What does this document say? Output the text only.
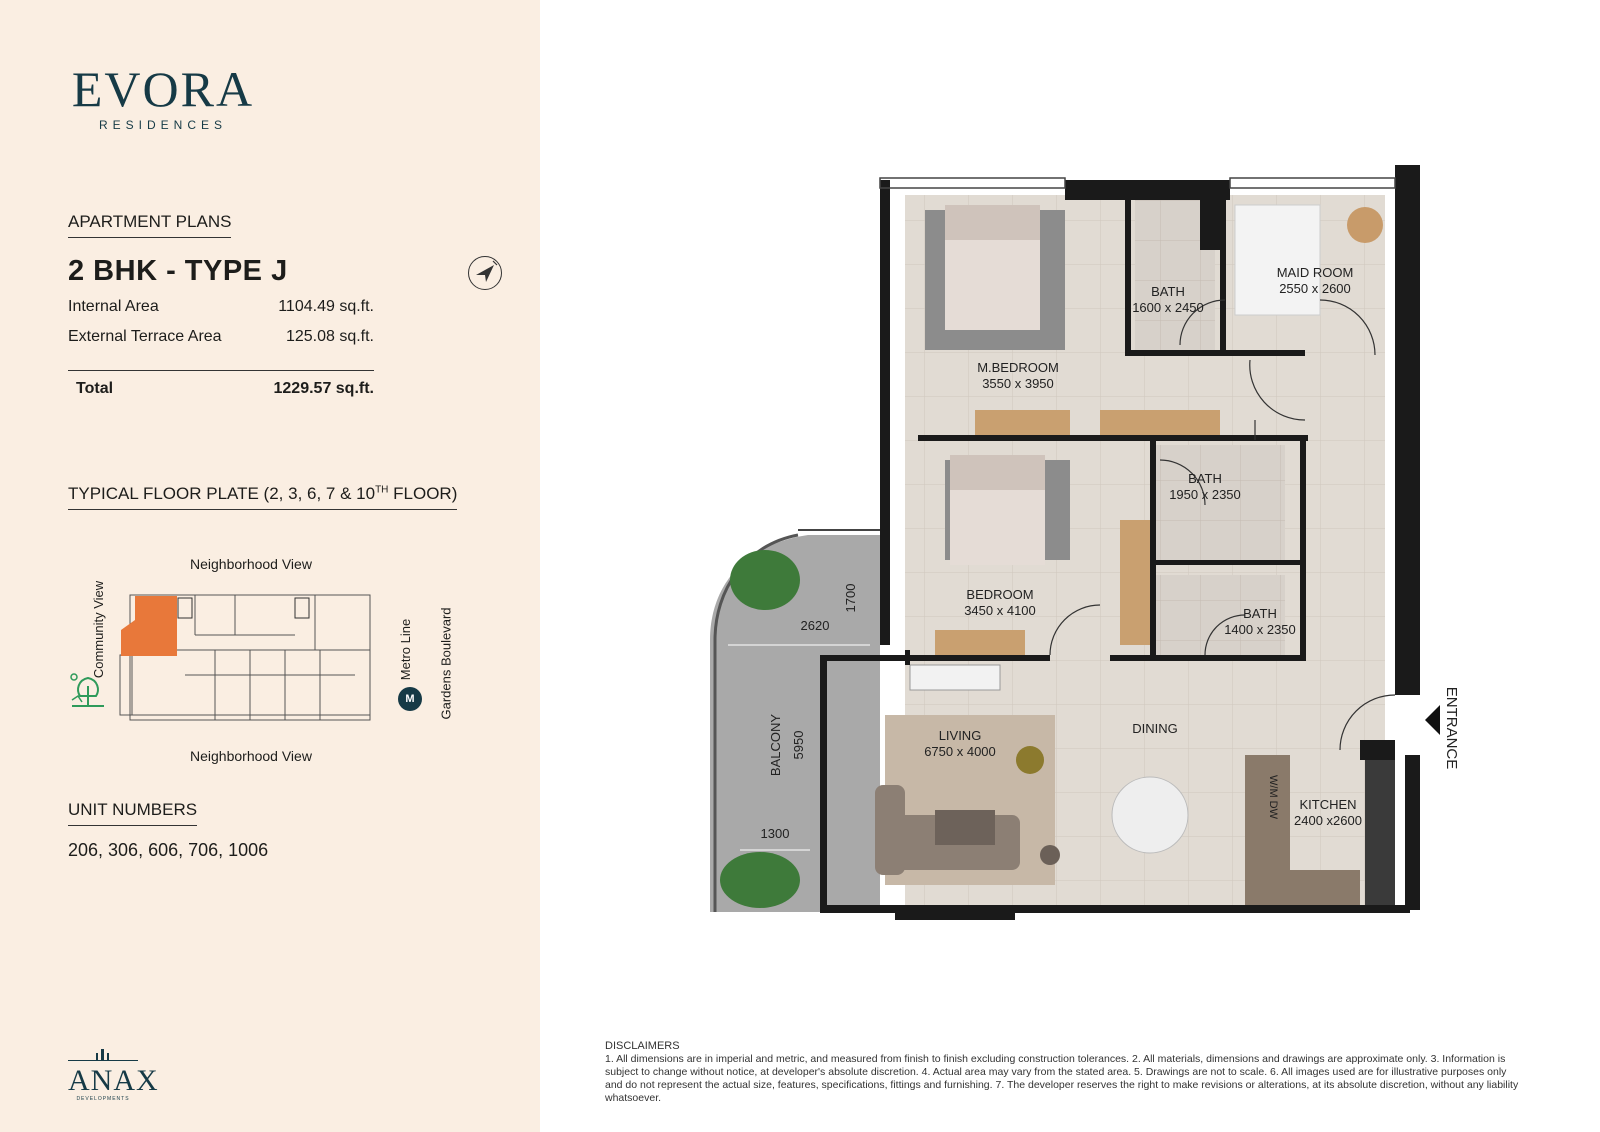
EVORA
RESIDENCES
APARTMENT PLANS
2 BHK - TYPE J
Internal Area	1104.49 sq.ft.
External Terrace Area	125.08 sq.ft.
Total	1229.57 sq.ft.
TYPICAL FLOOR PLATE (2, 3, 6, 7 & 10TH FLOOR)
Neighborhood View
Neighborhood View
Community View	Metro Line Gardens Boulevard
M
UNIT NUMBERS
206, 306, 606, 706, 1006
ANAX
DEVELOPMENTS
M.BEDROOM
3550 x 3950
BATH
1600 x 2450
MAID ROOM
2550 x 2600
BATH
1950 x 2350
BEDROOM
3450 x 4100	BATH
1400 x 2350
LIVING
6750 x 4000
DINING
KITCHEN
2400 x2600
BALCONY 5950
2620
1700
1300
W/M DW
ENTRANCE
DISCLAIMERS
1. All dimensions are in imperial and metric, and measured from finish to finish excluding construction tolerances. 2. All materials, dimensions and drawings are approximate only. 3. Information is subject to change without notice, at developer's absolute discretion. 4. Actual area may vary from the stated area. 5. Drawings are not to scale. 6. All images used are for illustrative purposes only and do not represent the actual size, features, specifications, fittings and furnishing. 7. The developer reserves the right to make revisions or alterations, at its absolute discretion, without any liability whatsoever.
